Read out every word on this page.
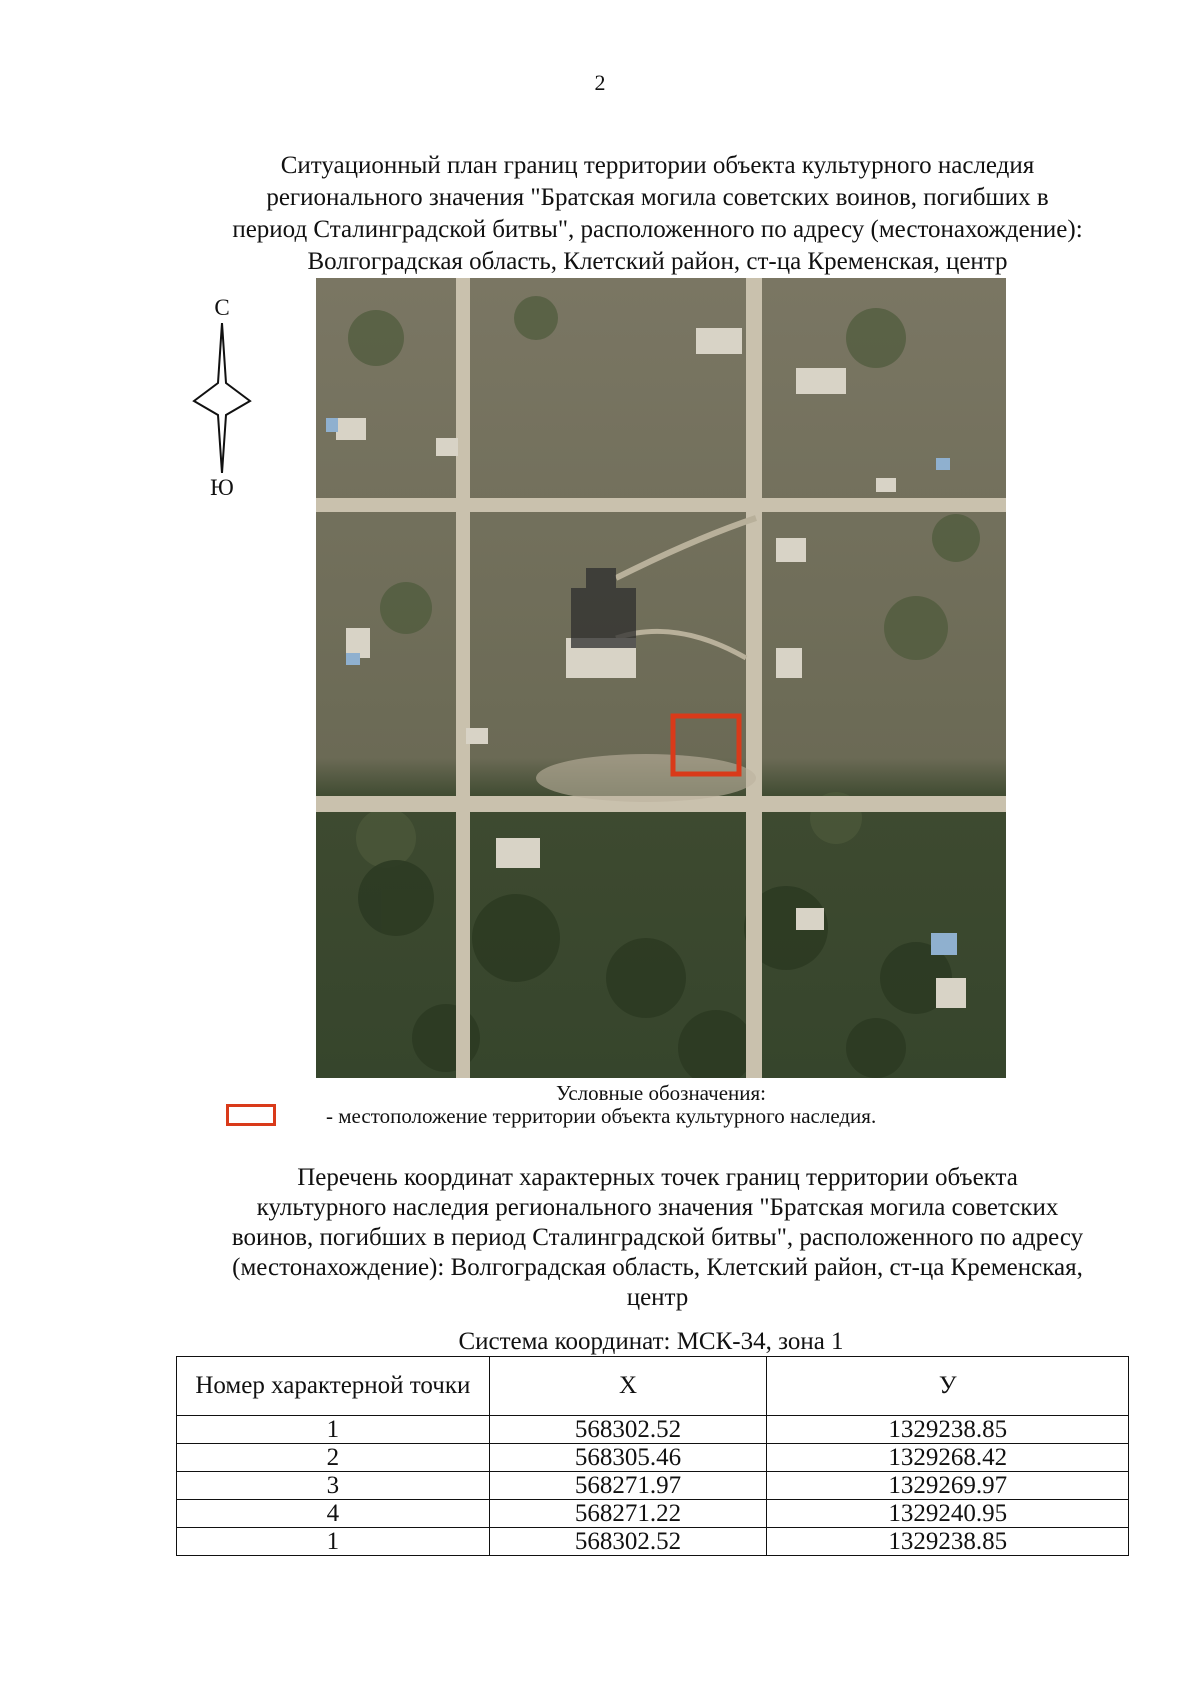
2
Ситуационный план границ территории объекта культурного наследия
регионального значения "Братская могила советских воинов, погибших в
период Сталинградской битвы", расположенного по адресу (местонахождение):
Волгоградская область, Клетский район, ст-ца Кременская, центр
С
Ю
Условные обозначения:
- местоположение территории объекта культурного наследия.
Перечень координат характерных точек границ территории объекта
культурного наследия регионального значения "Братская могила советских
воинов, погибших в период Сталинградской битвы", расположенного по адресу
(местонахождение): Волгоградская область, Клетский район, ст-ца Кременская,
центр
Система координат: МСК-34, зона 1
Номер характерной точки	X	У
1	568302.52	1329238.85
2	568305.46	1329268.42
3	568271.97	1329269.97
4	568271.22	1329240.95
1	568302.52	1329238.85
